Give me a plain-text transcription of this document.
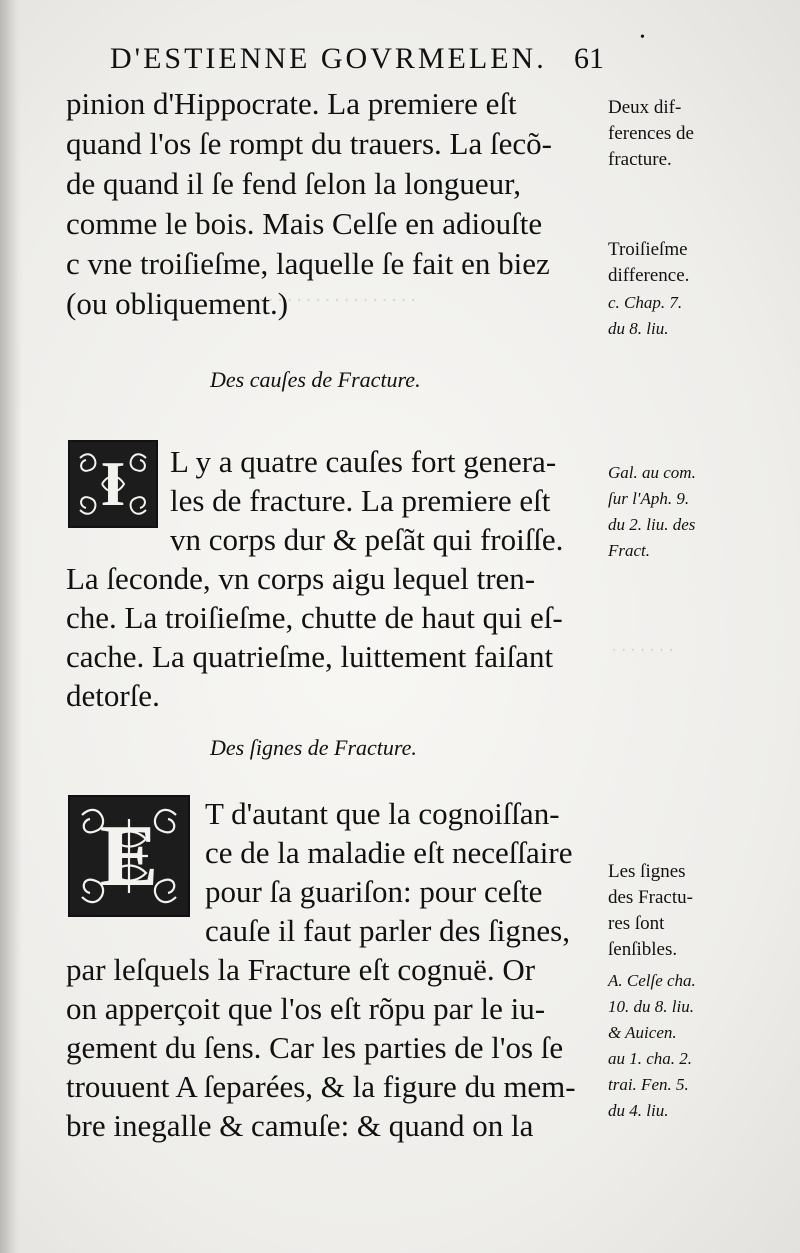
· · · · · · · · · · · · · · · · · · ·
· · · · · · ·
D'ESTIENNE GOVRMELEN. 61
•
pinion d'Hippocrate. La premiere eſt
quand l'os ſe rompt du trauers. La ſecõ-
de quand il ſe fend ſelon la longueur,
comme le bois. Mais Celſe en adiouſte
c vne troiſieſme, laquelle ſe fait en biez
(ou obliquement.)
Des cauſes de Fracture.
I L y a quatre cauſes fort genera-
les de fracture. La premiere eſt
vn corps dur & peſãt qui froiſſe.
La ſeconde, vn corps aigu lequel tren-
che. La troiſieſme, chutte de haut qui eſ-
cache. La quatrieſme, luittement faiſant
detorſe.
Des ſignes de Fracture.
E T d'autant que la cognoiſſan-
ce de la maladie eſt neceſſaire
pour ſa guariſon: pour ceſte
cauſe il faut parler des ſignes,
par leſquels la Fracture eſt cognuë. Or
on apperçoit que l'os eſt rõpu par le iu-
gement du ſens. Car les parties de l'os ſe
trouuent A ſeparées, & la figure du mem-
bre inegalle & camuſe: & quand on la
Deux dif-
ferences de
fracture.
Troiſieſme
difference.
c. Chap. 7.
du 8. liu.
Gal. au com.
ſur l'Aph. 9.
du 2. liu. des
Fract.
Les ſignes
des Fractu-
res ſont
ſenſibles.
A. Celſe cha.
10. du 8. liu.
& Auicen.
au 1. cha. 2.
trai. Fen. 5.
du 4. liu.
